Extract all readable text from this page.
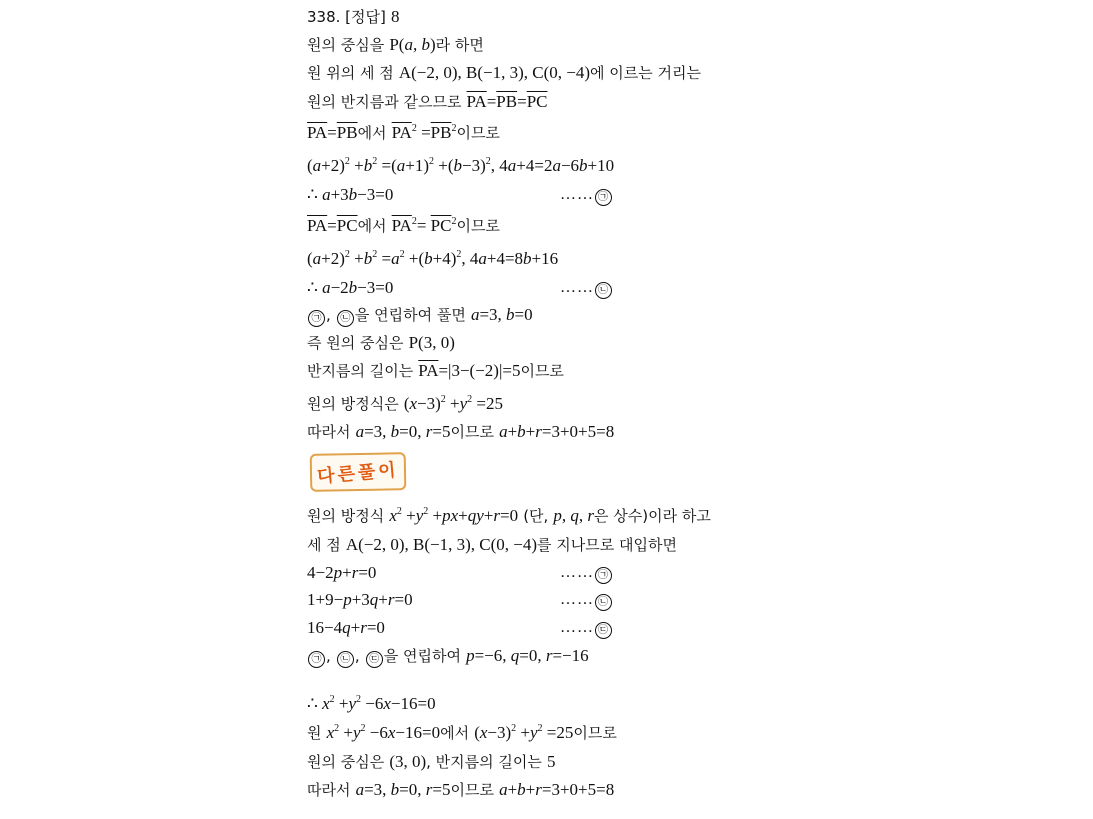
338. [정답] 8
원의 중심을 P(a, b)라 하면
원 위의 세 점 A(−2, 0), B(−1, 3), C(0, −4)에 이르는 거리는
원의 반지름과 같으므로 $\overline{PA}=\overline{PB}=\overline{PC}$
$\overline{PA}=\overline{PB}$에서 $\overline{PA}^2 =\overline{PB}^2$이므로
$(a+2)^2 +b^2 =(a+1)^2 +(b-3)^2$, 4a+4=2a−6b+10
∴ a+3b−3=0	…… ㉠
$\overline{PA}=\overline{PC}$에서 $\overline{PA}^2= \overline{PC}^2$이므로
$(a+2)^2 +b^2 =a^2 +(b+4)^2$, 4a+4=8b+16
∴ a−2b−3=0	…… ㉡
㉠ , ㉡ 을 연립하여 풀면 a=3, b=0
즉 원의 중심은 P(3, 0)
반지름의 길이는 $\overline{PA}=|3-(-2)|=5$이므로
원의 방정식은 $(x-3)^2 +y^2 =25$
따라서 a=3, b=0, r=5이므로 a+b+r=3+0+5=8
다른풀이
원의 방정식 $x^2 +y^2 +px+qy+r=0$ (단, p, q, r은 상수)이라 하고
세 점 A(−2, 0), B(−1, 3), C(0, −4)를 지나므로 대입하면
4−2p+r=0	…… ㉠
1+9−p+3q+r=0	…… ㉡
16−4q+r=0	…… ㉢
㉠ , ㉡ , ㉢ 을 연립하여 p=−6, q=0, r=−16
∴ $x^2 +y^2 -6x-16=0$
원 $x^2 +y^2 -6x-16=0$에서 $(x-3)^2 +y^2 =25$이므로
원의 중심은 (3, 0), 반지름의 길이는 5
따라서 a=3, b=0, r=5이므로 a+b+r=3+0+5=8
